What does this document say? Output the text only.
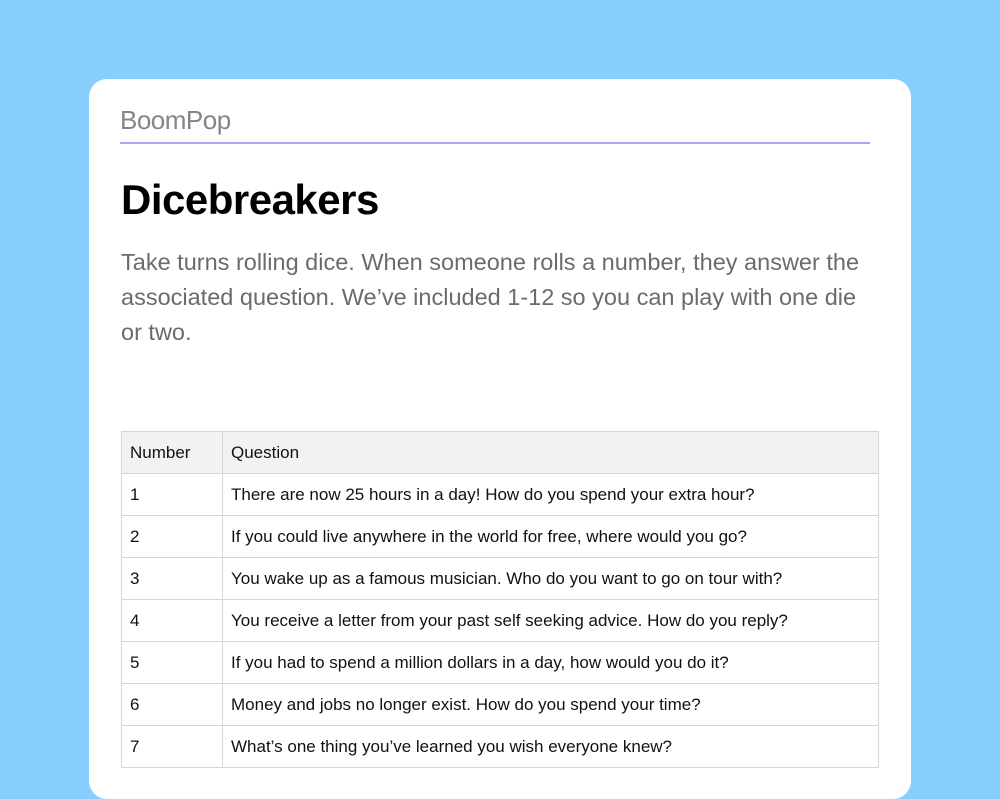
BoomPop
Dicebreakers

Take turns rolling dice. When someone rolls a number, they answer the associated question. We’ve included 1-12 so you can play with one die or two.

Number	Question
1	There are now 25 hours in a day! How do you spend your extra hour?
2	If you could live anywhere in the world for free, where would you go?
3	You wake up as a famous musician. Who do you want to go on tour with?
4	You receive a letter from your past self seeking advice. How do you reply?
5	If you had to spend a million dollars in a day, how would you do it?
6	Money and jobs no longer exist. How do you spend your time?
7	What’s one thing you’ve learned you wish everyone knew?
